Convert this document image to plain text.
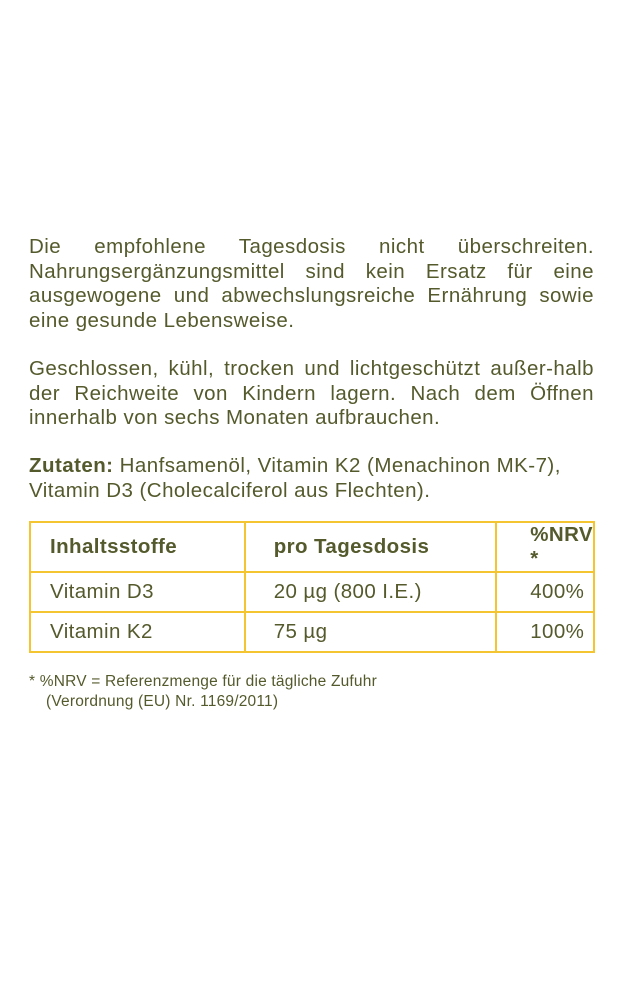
Die empfohlene Tagesdosis nicht überschreiten. Nahrungsergänzungsmittel sind kein Ersatz für eine ausgewogene und abwechslungsreiche Ernährung sowie eine gesunde Lebensweise.

Geschlossen, kühl, trocken und lichtgeschützt außer-halb der Reichweite von Kindern lagern. Nach dem Öffnen innerhalb von sechs Monaten aufbrauchen.

Zutaten: Hanfsamenöl, Vitamin K2 (Menachinon MK-7), Vitamin D3 (Cholecalciferol aus Flechten).

Inhaltsstoffe	pro Tagesdosis	%NRV *
Vitamin D3	20 µg (800 I.E.)	400%
Vitamin K2	75 µg	100%
* %NRV = Referenzmenge für die tägliche Zufuhr
(Verordnung (EU) Nr. 1169/2011)
